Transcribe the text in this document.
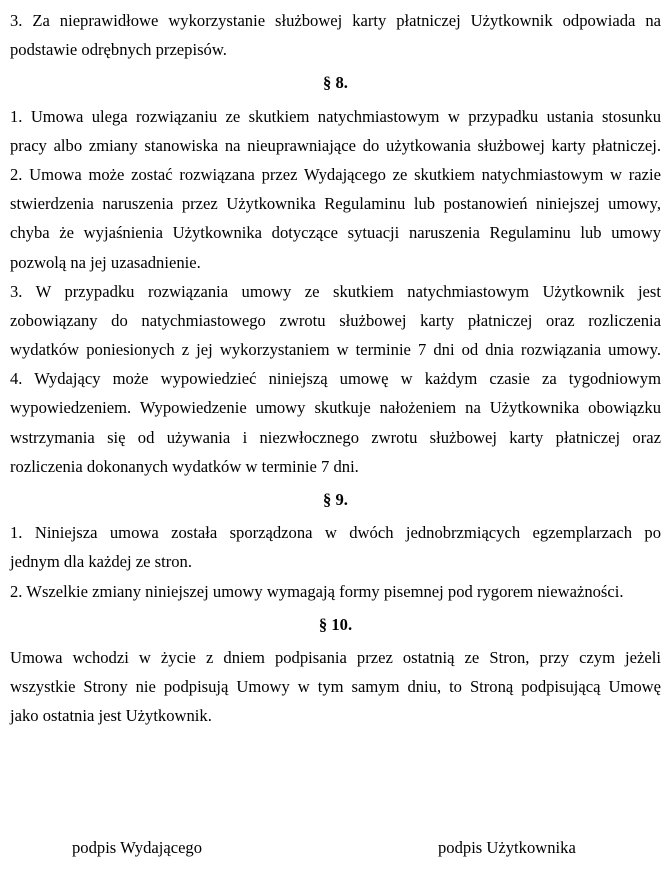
3. Za nieprawidłowe wykorzystanie służbowej karty płatniczej Użytkownik odpowiada na
podstawie odrębnych przepisów.
§ 8.
1. Umowa ulega rozwiązaniu ze skutkiem natychmiastowym w przypadku ustania stosunku
pracy albo zmiany stanowiska na nieuprawniające do użytkowania służbowej karty płatniczej.
2. Umowa może zostać rozwiązana przez Wydającego ze skutkiem natychmiastowym w razie
stwierdzenia naruszenia przez Użytkownika Regulaminu lub postanowień niniejszej umowy,
chyba że wyjaśnienia Użytkownika dotyczące sytuacji naruszenia Regulaminu lub umowy
pozwolą na jej uzasadnienie.
3. W przypadku rozwiązania umowy ze skutkiem natychmiastowym Użytkownik jest
zobowiązany do natychmiastowego zwrotu służbowej karty płatniczej oraz rozliczenia
wydatków poniesionych z jej wykorzystaniem w terminie 7 dni od dnia rozwiązania umowy.
4. Wydający może wypowiedzieć niniejszą umowę w każdym czasie za tygodniowym
wypowiedzeniem. Wypowiedzenie umowy skutkuje nałożeniem na Użytkownika obowiązku
wstrzymania się od używania i niezwłocznego zwrotu służbowej karty płatniczej oraz
rozliczenia dokonanych wydatków w terminie 7 dni.
§ 9.
1. Niniejsza umowa została sporządzona w dwóch jednobrzmiących egzemplarzach po
jednym dla każdej ze stron.
2. Wszelkie zmiany niniejszej umowy wymagają formy pisemnej pod rygorem nieważności.
§ 10.
Umowa wchodzi w życie z dniem podpisania przez ostatnią ze Stron, przy czym jeżeli
wszystkie Strony nie podpisują Umowy w tym samym dniu, to Stroną podpisującą Umowę
jako ostatnia jest Użytkownik.
podpis Wydającego	podpis Użytkownika
